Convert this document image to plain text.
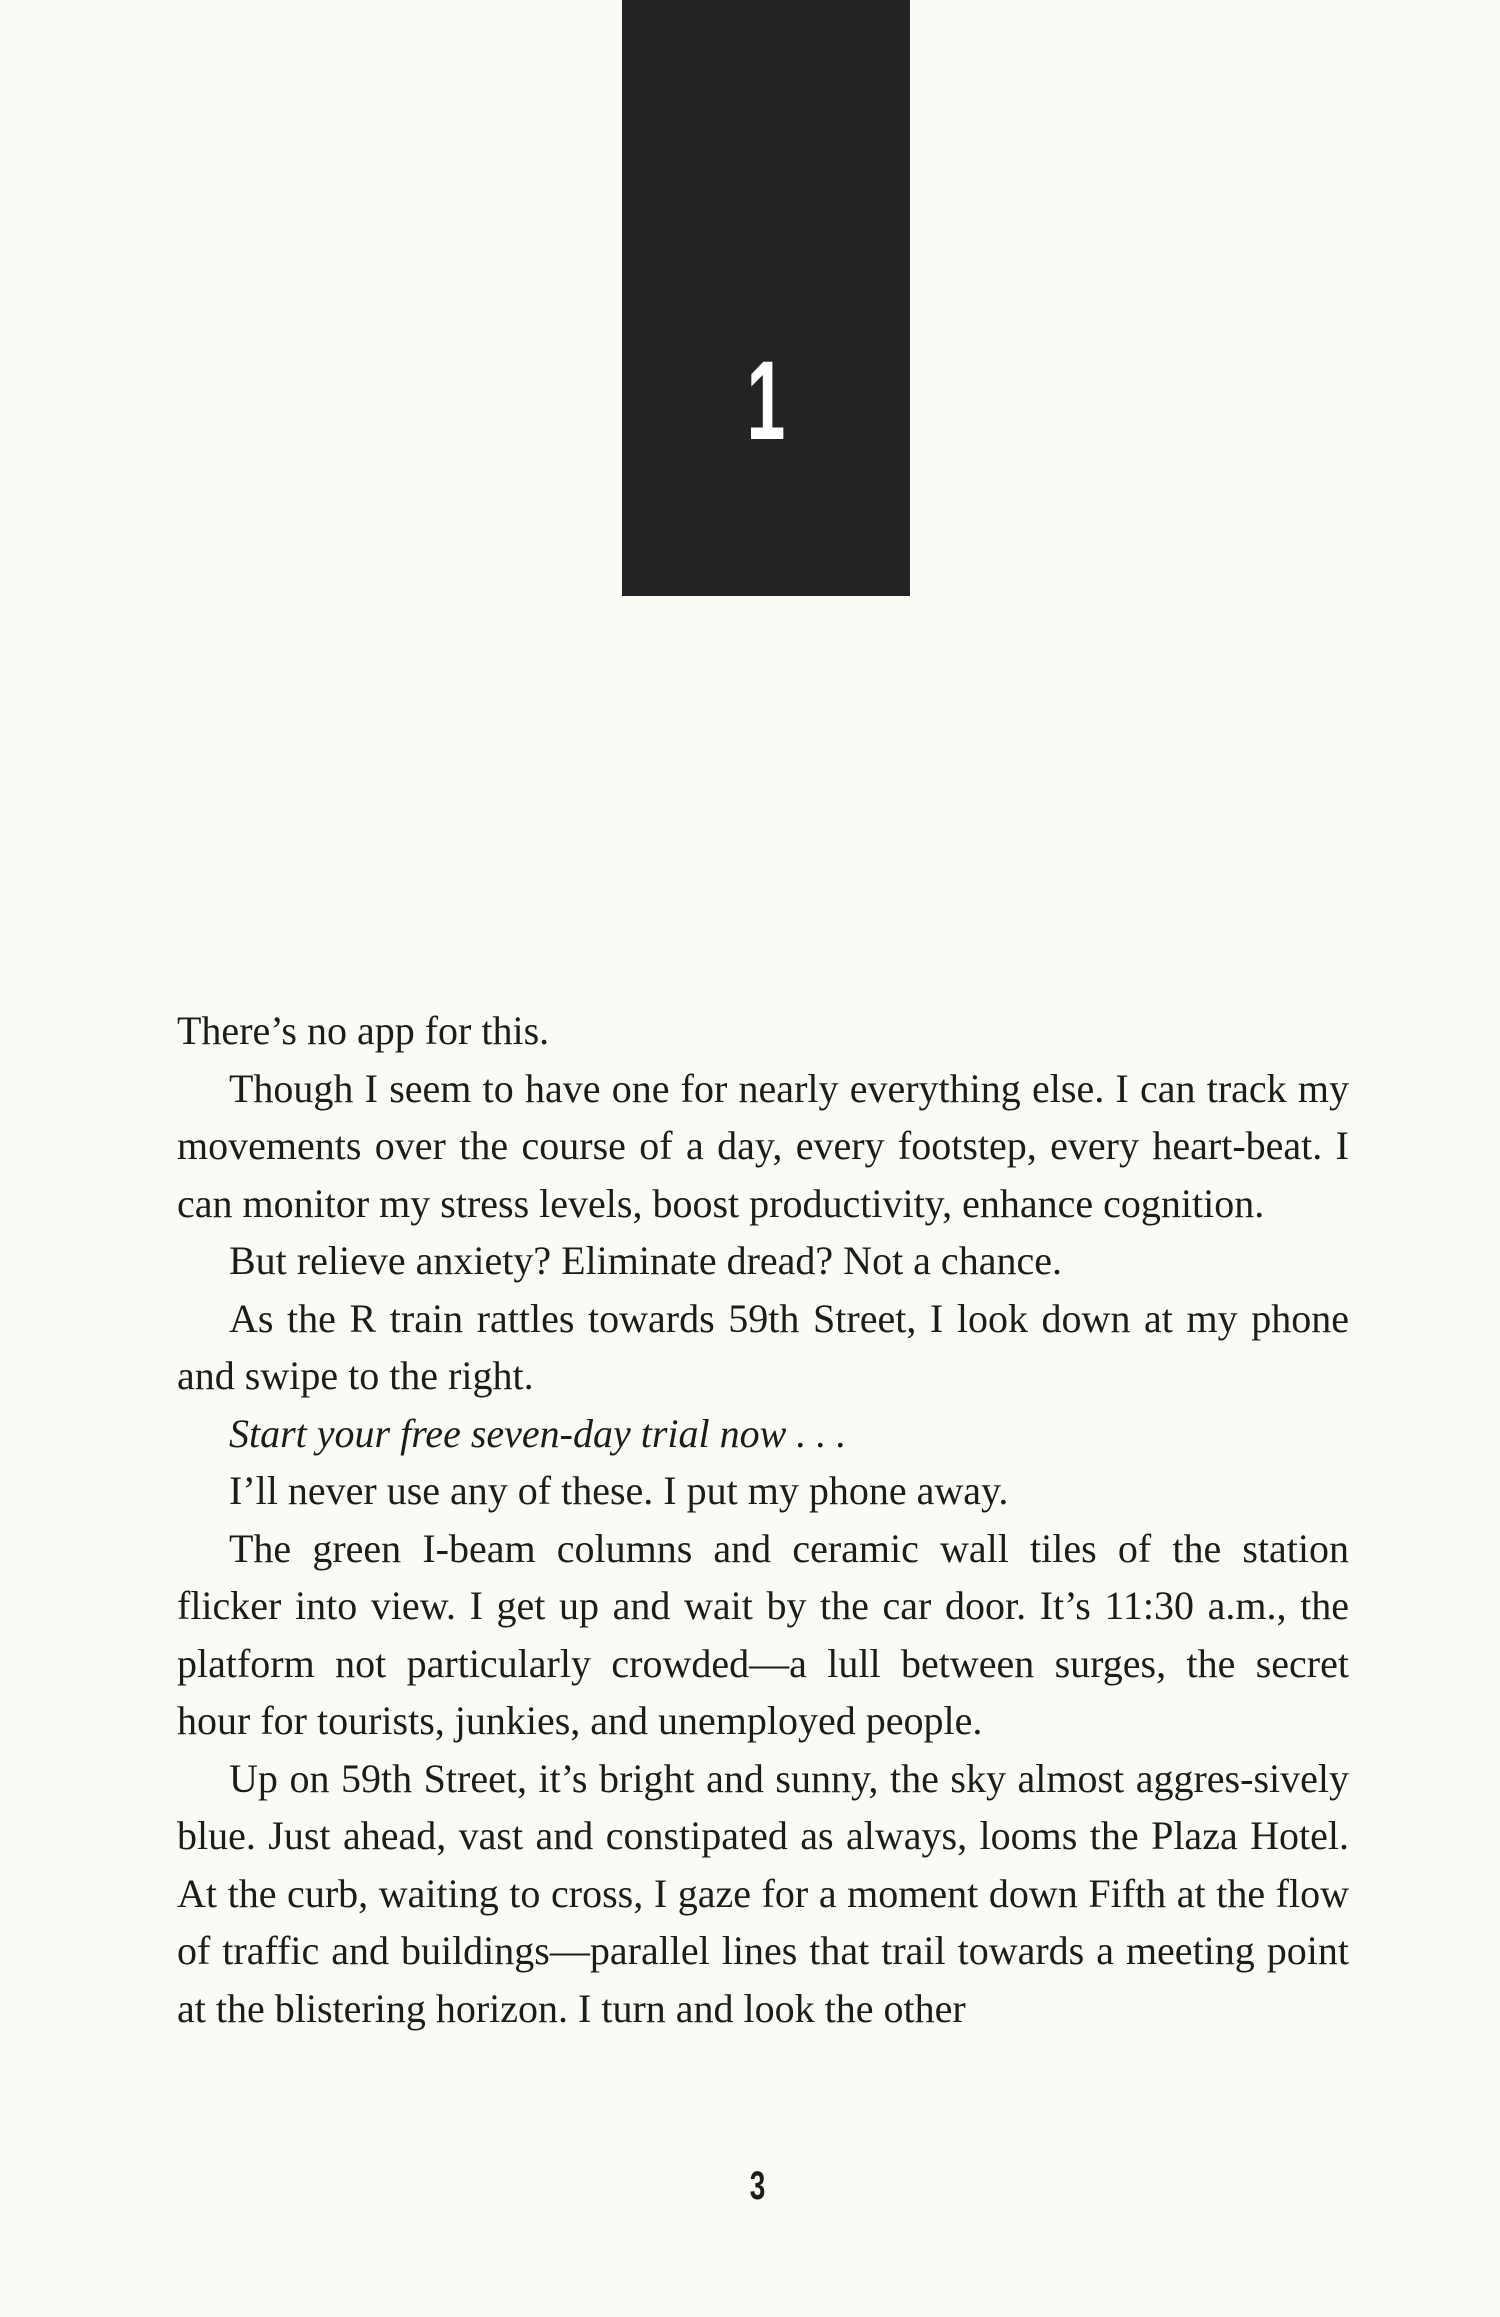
1

There’s no app for this.

Though I seem to have one for nearly everything else. I can track my movements over the course of a day, every footstep, every heart-beat. I can monitor my stress levels, boost productivity, enhance cognition.

But relieve anxiety? Eliminate dread? Not a chance.

As the R train rattles towards 59th Street, I look down at my phone and swipe to the right.

Start your free seven-day trial now . . .

I’ll never use any of these. I put my phone away.

The green I-beam columns and ceramic wall tiles of the station flicker into view. I get up and wait by the car door. It’s 11:30 a.m., the platform not particularly crowded—a lull between surges, the secret hour for tourists, junkies, and unemployed people.

Up on 59th Street, it’s bright and sunny, the sky almost aggres-sively blue. Just ahead, vast and constipated as always, looms the Plaza Hotel. At the curb, waiting to cross, I gaze for a moment down Fifth at the flow of traffic and buildings—parallel lines that trail towards a meeting point at the blistering horizon. I turn and look the other

3
